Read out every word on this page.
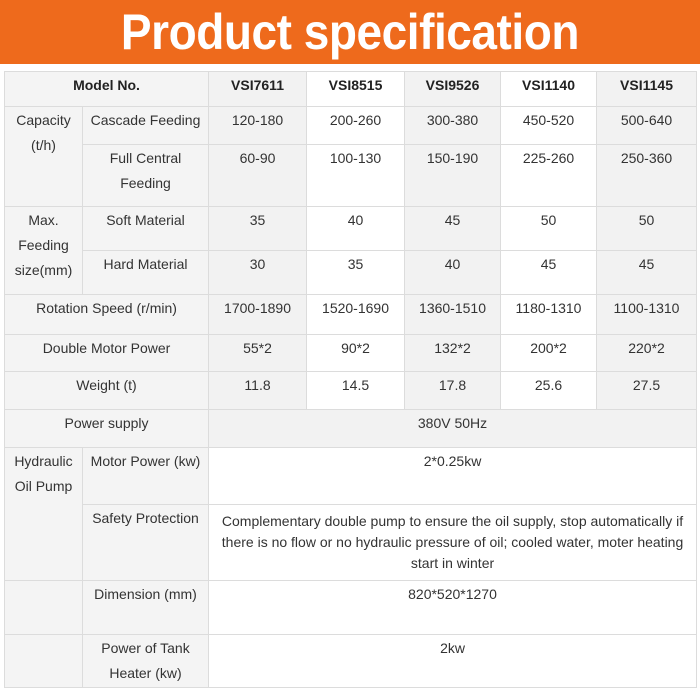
Product specification
Model No.		VSI7611	VSI8515	VSI9526	VSI1140	VSI1145
Capacity (t/h)	Cascade Feeding	120-180	200-260	300-380	450-520	500-640
	Full Central Feeding	60-90	100-130	150-190	225-260	250-360
Max. Feeding size(mm)	Soft Material	35	40	45	50	50
	Hard Material	30	35	40	45	45
Rotation Speed (r/min)		1700-1890	1520-1690	1360-1510	1180-1310	1100-1310
Double Motor Power		55*2	90*2	132*2	200*2	220*2
Weight (t)		11.8	14.5	17.8	25.6	27.5
Power supply		380V 50Hz				
Hydraulic Oil Pump	Motor Power (kw)	2*0.25kw				
	Safety Protection	Complementary double pump to ensure the oil supply, stop automatically if there is no flow or no hydraulic pressure of oil; cooled water, moter heating start in winter				
	Dimension (mm)	820*520*1270				
	Power of Tank Heater (kw)	2kw				
